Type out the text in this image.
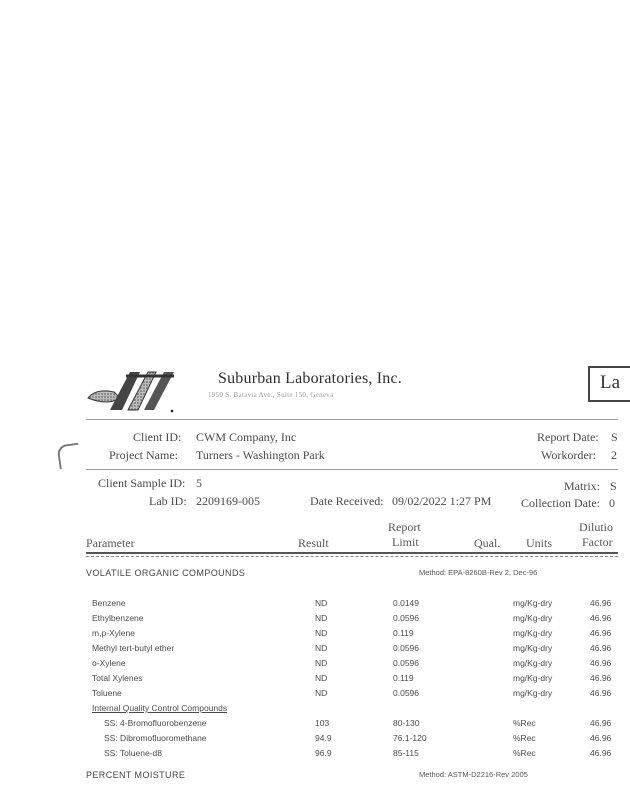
Suburban Laboratories, Inc.
1950 S. Batavia Ave., Suite 150, Geneva
La
Client ID: CWM Company, Inc
Project Name: Turners - Washington Park
Report Date: S
Workorder: 2
Client Sample ID: 5
Lab ID: 2209169-005	Date Received: 09/02/2022 1:27 PM
Matrix: S
Collection Date: 0
Parameter	Result
Report
Limit	Qual. Units
Dilutio
Factor
VOLATILE ORGANIC COMPOUNDS	Method: EPA-8260B-Rev 2, Dec-96
Benzene	ND	0.0149	mg/Kg-dry	46.96
Ethylbenzene	ND	0.0596	mg/Kg-dry	46.96
m,p-Xylene	ND	0.119	mg/Kg-dry	46.96
Methyl tert-butyl ether	ND	0.0596	mg/Kg-dry	46.96
o-Xylene	ND	0.0596	mg/Kg-dry	46.96
Total Xylenes	ND	0.119	mg/Kg-dry	46.96
Toluene	ND	0.0596	mg/Kg-dry	46.96
Internal Quality Control Compounds
SS: 4-Bromofluorobenzene	103	80-130	%Rec	46.96
SS: Dibromofluoromethane	94.9	76.1-120	%Rec	46.96
SS: Toluene-d8	96.9	85-115	%Rec	46.96
PERCENT MOISTURE	Method: ASTM-D2216-Rev 2005
